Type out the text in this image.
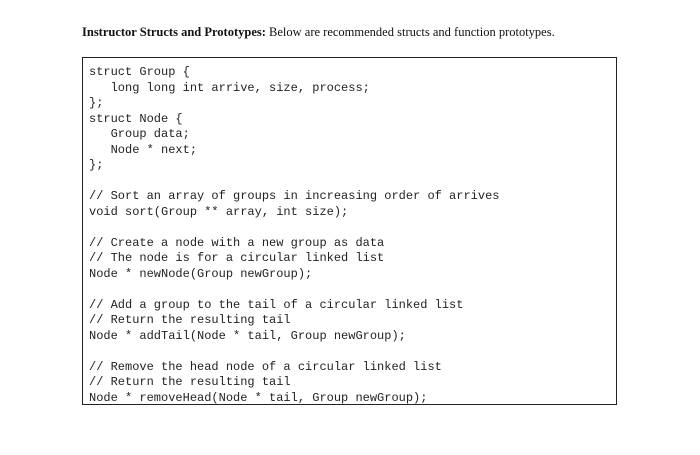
Instructor Structs and Prototypes: Below are recommended structs and function prototypes.
struct Group {
long long int arrive, size, process;
};
struct Node {
Group data;
Node * next;
};
// Sort an array of groups in increasing order of arrives
void sort(Group ** array, int size);
// Create a node with a new group as data
// The node is for a circular linked list
Node * newNode(Group newGroup);
// Add a group to the tail of a circular linked list
// Return the resulting tail
Node * addTail(Node * tail, Group newGroup);
// Remove the head node of a circular linked list
// Return the resulting tail
Node * removeHead(Node * tail, Group newGroup);
